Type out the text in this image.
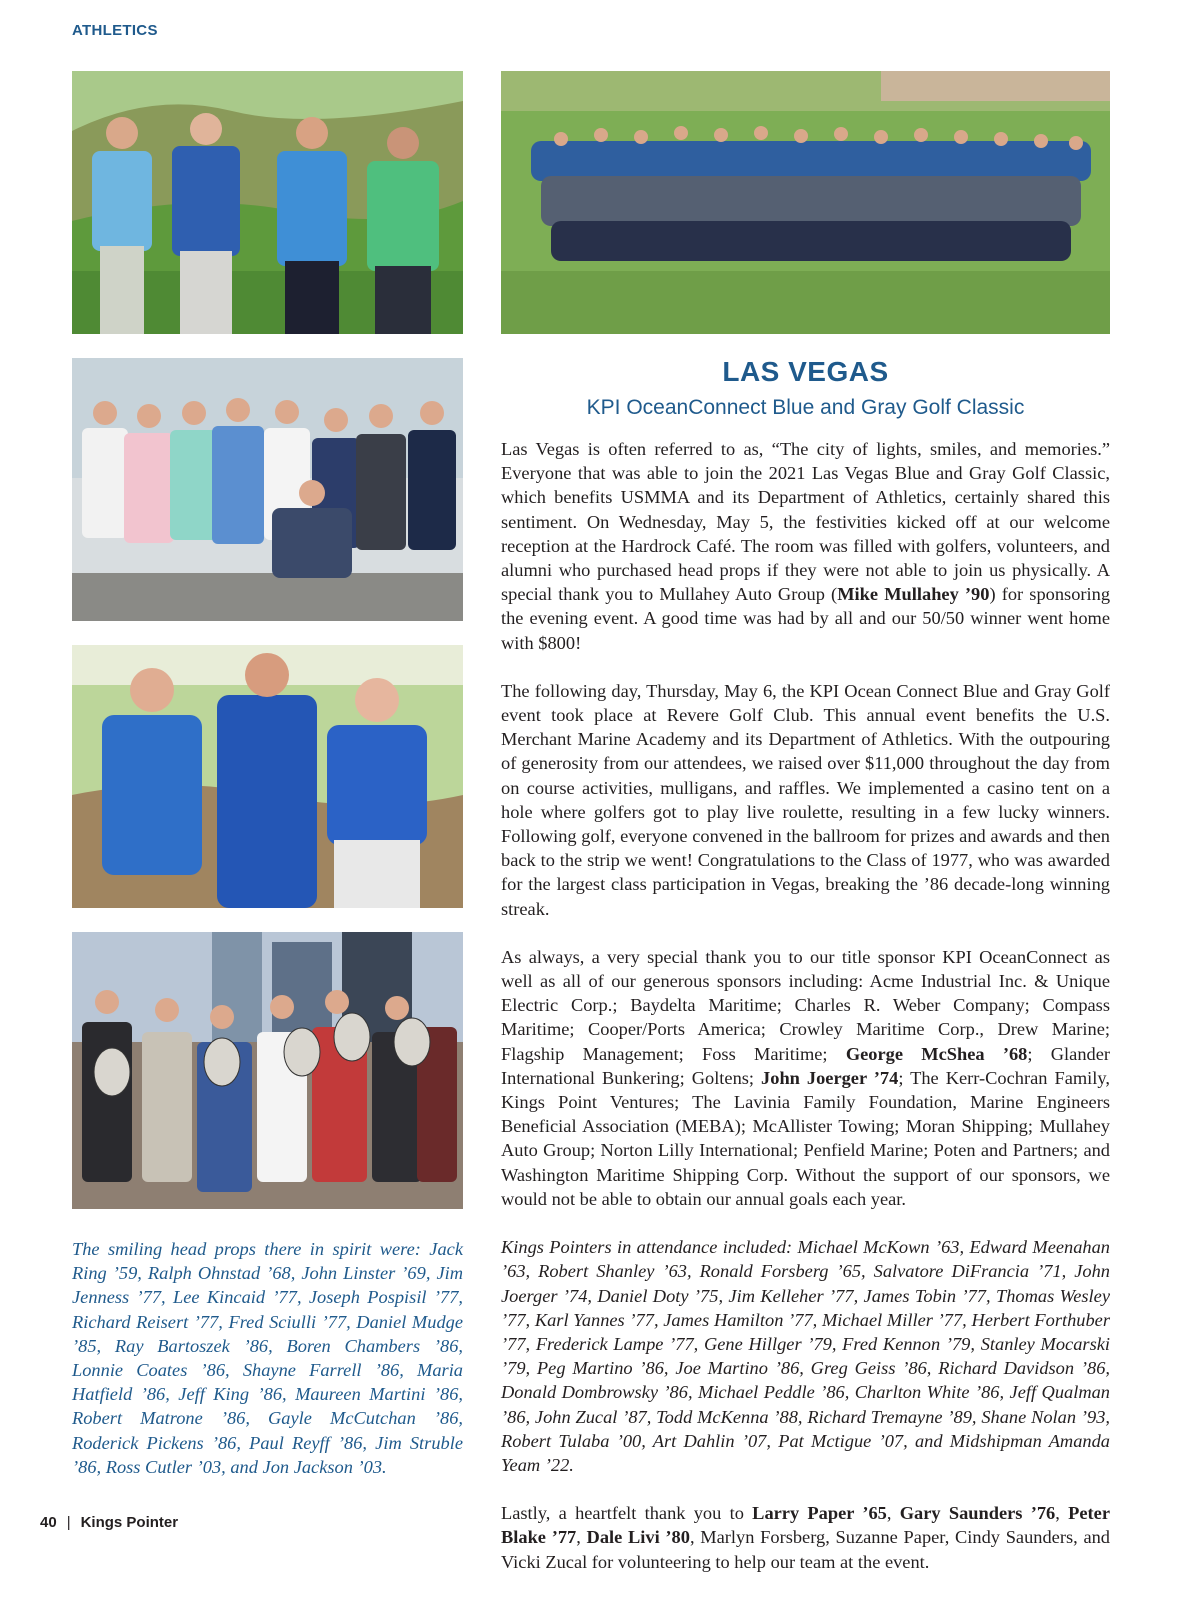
ATHLETICS
LAS VEGAS
KPI OceanConnect Blue and Gray Golf Classic

Las Vegas is often referred to as, “The city of lights, smiles, and memories.” Everyone that was able to join the 2021 Las Vegas Blue and Gray Golf Classic, which benefits USMMA and its Department of Athletics, certainly shared this sentiment. On Wednesday, May 5, the festivities kicked off at our welcome reception at the Hardrock Café. The room was filled with golfers, volunteers, and alumni who purchased head props if they were not able to join us physically. A special thank you to Mullahey Auto Group (Mike Mullahey ’90) for sponsoring the evening event. A good time was had by all and our 50/50 winner went home with $800!

The following day, Thursday, May 6, the KPI Ocean Connect Blue and Gray Golf event took place at Revere Golf Club. This annual event benefits the U.S. Merchant Marine Academy and its Department of Athletics. With the outpouring of generosity from our attendees, we raised over $11,000 throughout the day from on course activities, mulligans, and raffles. We implemented a casino tent on a hole where golfers got to play live roulette, resulting in a few lucky winners. Following golf, everyone convened in the ballroom for prizes and awards and then back to the strip we went! Congratulations to the Class of 1977, who was awarded for the largest class participation in Vegas, breaking the ’86 decade-long winning streak.

As always, a very special thank you to our title sponsor KPI OceanConnect as well as all of our generous sponsors including: Acme Industrial Inc. & Unique Electric Corp.; Baydelta Maritime; Charles R. Weber Company; Compass Maritime; Cooper/Ports America; Crowley Maritime Corp., Drew Marine; Flagship Management; Foss Maritime; George McShea ’68; Glander International Bunkering; Goltens; John Joerger ’74; The Kerr-Cochran Family, Kings Point Ventures; The Lavinia Family Foundation, Marine Engineers Beneficial Association (MEBA); McAllister Towing; Moran Shipping; Mullahey Auto Group; Norton Lilly International; Penfield Marine; Poten and Partners; and Washington Maritime Shipping Corp. Without the support of our sponsors, we would not be able to obtain our annual goals each year.

Kings Pointers in attendance included: Michael McKown ’63, Edward Meenahan ’63, Robert Shanley ’63, Ronald Forsberg ’65, Salvatore DiFrancia ’71, John Joerger ’74, Daniel Doty ’75, Jim Kelleher ’77, James Tobin ’77, Thomas Wesley ’77, Karl Yannes ’77, James Hamilton ’77, Michael Miller ’77, Herbert Forthuber ’77, Frederick Lampe ’77, Gene Hillger ’79, Fred Kennon ’79, Stanley Mocarski ’79, Peg Martino ’86, Joe Martino ’86, Greg Geiss ’86, Richard Davidson ’86, Donald Dombrowsky ’86, Michael Peddle ’86, Charlton White ’86, Jeff Qualman ’86, John Zucal ’87, Todd McKenna ’88, Richard Tremayne ’89, Shane Nolan ’93, Robert Tulaba ’00, Art Dahlin ’07, Pat Mctigue ’07, and Midshipman Amanda Yeam ’22.

Lastly, a heartfelt thank you to Larry Paper ’65, Gary Saunders ’76, Peter Blake ’77, Dale Livi ’80, Marlyn Forsberg, Suzanne Paper, Cindy Saunders, and Vicki Zucal for volunteering to help our team at the event.

The smiling head props there in spirit were: Jack Ring ’59, Ralph Ohnstad ’68, John Linster ’69, Jim Jenness ’77, Lee Kincaid ’77, Joseph Pospisil ’77, Richard Reisert ’77, Fred Sciulli ’77, Daniel Mudge ’85, Ray Bartoszek ’86, Boren Chambers ’86, Lonnie Coates ’86, Shayne Farrell ’86, Maria Hatfield ’86, Jeff King ’86, Maureen Martini ’86, Robert Matrone ’86, Gayle McCutchan ’86, Roderick Pickens ’86, Paul Reyff ’86, Jim Struble ’86, Ross Cutler ’03, and Jon Jackson ’03.
40 | Kings Pointer
